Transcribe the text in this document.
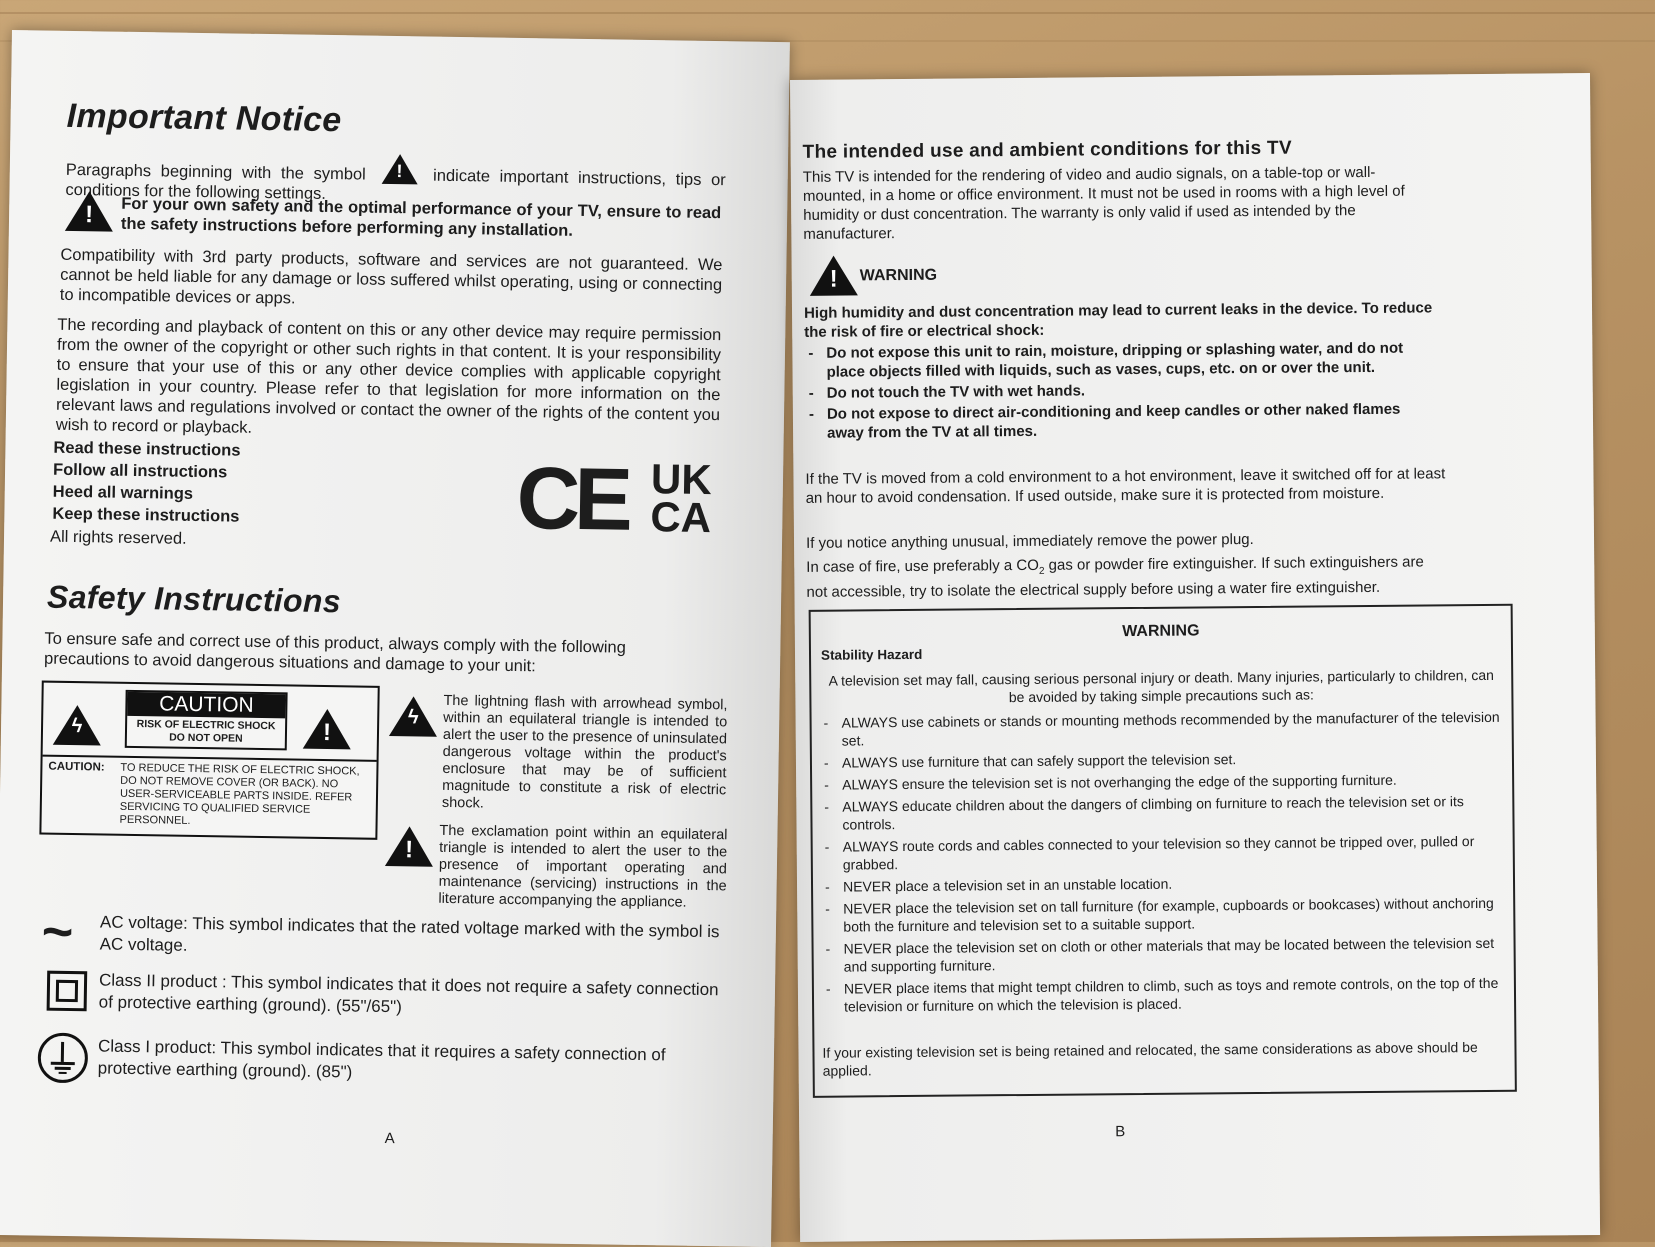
Important Notice
Paragraphs beginning with the symbol ! indicate important instructions, tips or conditions for the following settings.
! For your own safety and the optimal performance of your TV, ensure to read the safety instructions before performing any installation.

Compatibility with 3rd party products, software and services are not guaranteed. We cannot be held liable for any damage or loss suffered whilst operating, using or connecting to incompatible devices or apps.

The recording and playback of content on this or any other device may require permission from the owner of the copyright or other such rights in that content. It is your responsibility to ensure that your use of this or any other device complies with applicable copyright legislation in your country. Please refer to that legislation for more information on the relevant laws and regulations involved or contact the owner of the rights of the content you wish to record or playback.

Read these instructions
Follow all instructions
Heed all warnings
Keep these instructions

All rights reserved.	CE UK
CA
Safety Instructions

To ensure safe and correct use of this product, always comply with the following precautions to avoid dangerous situations and damage to your unit:

ϟ
CAUTION
RISK OF ELECTRIC SHOCK
DO NOT OPEN	!
CAUTION: TO REDUCE THE RISK OF ELECTRIC SHOCK, DO NOT REMOVE COVER (OR BACK). NO USER-SERVICEABLE PARTS INSIDE. REFER SERVICING TO QUALIFIED SERVICE PERSONNEL.

ϟ

The lightning flash with arrowhead symbol, within an equilateral triangle is intended to alert the user to the presence of uninsulated dangerous voltage within the product's enclosure that may be of sufficient magnitude to constitute a risk of electric shock.

!

The exclamation point within an equilateral triangle is intended to alert the user to the presence of important operating and maintenance (servicing) instructions in the literature accompanying the appliance.

~ AC voltage: This symbol indicates that the rated voltage marked with the symbol is AC voltage.

Class II product : This symbol indicates that it does not require a safety connection of protective earthing (ground). (55"/65")

Class I product: This symbol indicates that it requires a safety connection of protective earthing (ground). (85")

A
The intended use and ambient conditions for this TV

This TV is intended for the rendering of video and audio signals, on a table-top or wall-mounted, in a home or office environment. It must not be used in rooms with a high level of humidity or dust concentration. The warranty is only valid if used as intended by the manufacturer.

! WARNING

High humidity and dust concentration may lead to current leaks in the device. To reduce the risk of fire or electrical shock:

- Do not expose this unit to rain, moisture, dripping or splashing water, and do not place objects filled with liquids, such as vases, cups, etc. on or over the unit.
- Do not touch the TV with wet hands.
- Do not expose to direct air-conditioning and keep candles or other naked flames away from the TV at all times.

If the TV is moved from a cold environment to a hot environment, leave it switched off for at least an hour to avoid condensation. If used outside, make sure it is protected from moisture.

If you notice anything unusual, immediately remove the power plug.

In case of fire, use preferably a $CO_2$ gas or powder fire extinguisher. If such extinguishers are not accessible, try to isolate the electrical supply before using a water fire extinguisher.

WARNING
Stability Hazard

A television set may fall, causing serious personal injury or death. Many injuries, particularly to children, can be avoided by taking simple precautions such as:

- ALWAYS use cabinets or stands or mounting methods recommended by the manufacturer of the television set.
- ALWAYS use furniture that can safely support the television set.
- ALWAYS ensure the television set is not overhanging the edge of the supporting furniture.
- ALWAYS educate children about the dangers of climbing on furniture to reach the television set or its controls.
- ALWAYS route cords and cables connected to your television so they cannot be tripped over, pulled or grabbed.
- NEVER place a television set in an unstable location.
- NEVER place the television set on tall furniture (for example, cupboards or bookcases) without anchoring both the furniture and television set to a suitable support.
- NEVER place the television set on cloth or other materials that may be located between the television set and supporting furniture.
- NEVER place items that might tempt children to climb, such as toys and remote controls, on the top of the television or furniture on which the television is placed.

If your existing television set is being retained and relocated, the same considerations as above should be applied.

B
